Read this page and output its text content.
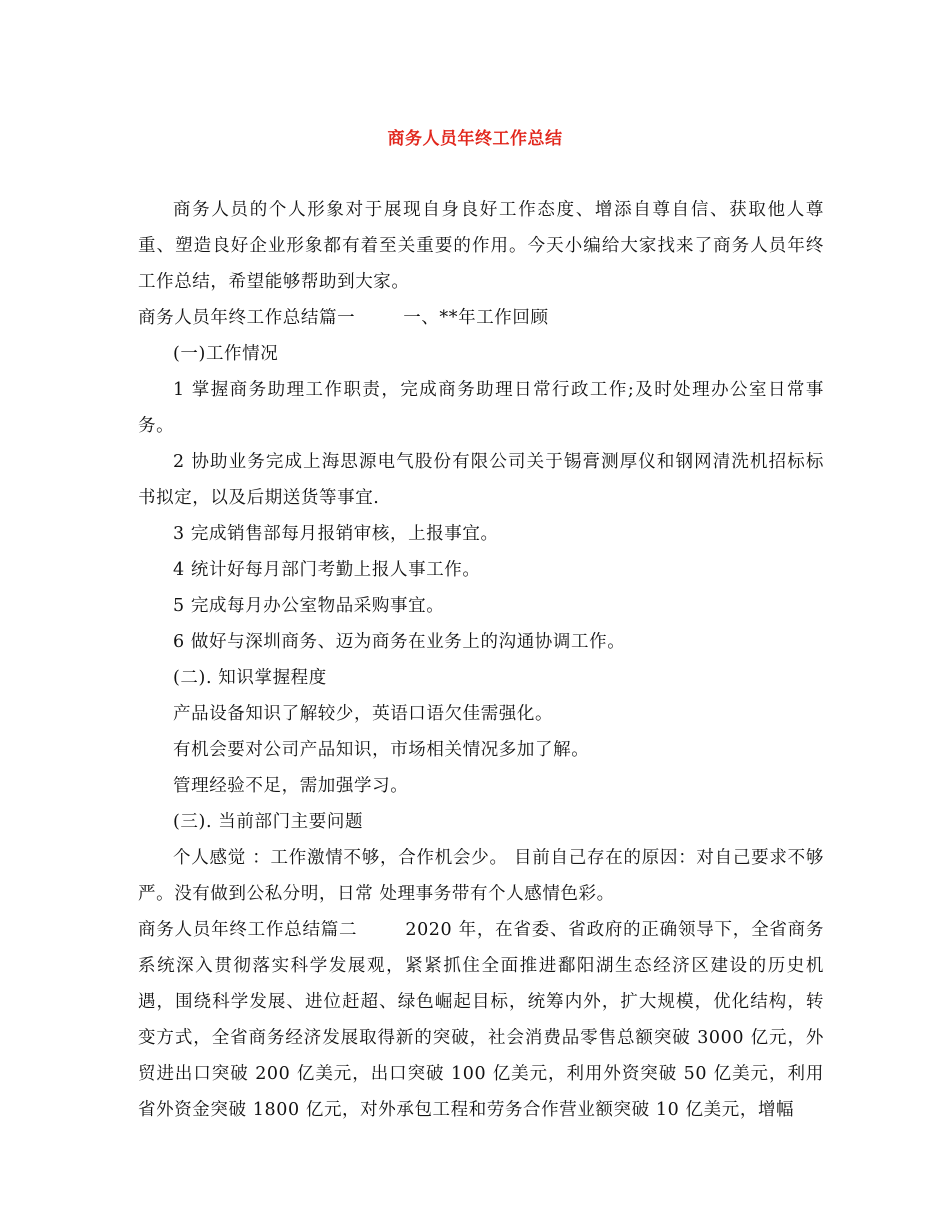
商务人员年终工作总结

商务人员的个人形象对于展现自身良好工作态度、增添自尊自信、获取他人尊重、塑造良好企业形象都有着至关重要的作用。今天小编给大家找来了商务人员年终工作总结，希望能够帮助到大家。

商务人员年终工作总结篇一	一、**年工作回顾

(一)工作情况

1 掌握商务助理工作职责，完成商务助理日常行政工作;及时处理办公室日常事务。

2 协助业务完成上海思源电气股份有限公司关于锡膏测厚仪和钢网清洗机招标标书拟定，以及后期送货等事宜.

3 完成销售部每月报销审核，上报事宜。

4 统计好每月部门考勤上报人事工作。

5 完成每月办公室物品采购事宜。

6 做好与深圳商务、迈为商务在业务上的沟通协调工作。

(二). 知识掌握程度

产品设备知识了解较少，英语口语欠佳需强化。

有机会要对公司产品知识，市场相关情况多加了解。

管理经验不足，需加强学习。

(三). 当前部门主要问题

个人感觉 ：工作激情不够，合作机会少。 目前自己存在的原因：对自己要求不够严。没有做到公私分明，日常 处理事务带有个人感情色彩。

商务人员年终工作总结篇二	2020 年，在省委、省政府的正确领导下，全省商务系统深入贯彻落实科学发展观，紧紧抓住全面推进鄱阳湖生态经济区建设的历史机遇，围绕科学发展、进位赶超、绿色崛起目标，统筹内外，扩大规模，优化结构，转变方式，全省商务经济发展取得新的突破，社会消费品零售总额突破 3000 亿元，外贸进出口突破 200 亿美元，出口突破 100 亿美元，利用外资突破 50 亿美元，利用省外资金突破 1800 亿元，对外承包工程和劳务合作营业额突破 10 亿美元，增幅
